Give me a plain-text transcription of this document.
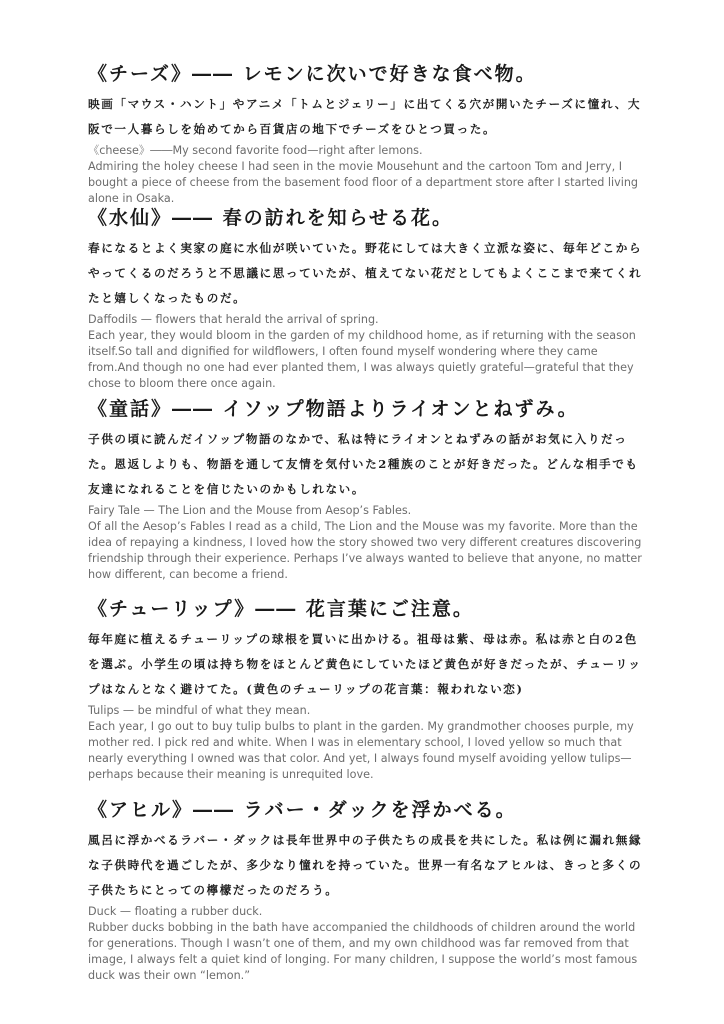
《チーズ》―― レモンに次いで好きな食べ物。

映画「マウス・ハント」やアニメ「トムとジェリー」に出てくる穴が開いたチーズに憧れ、大阪で一人暮らしを始めてから百貨店の地下でチーズをひとつ買った。

《cheese》――My second favorite food—right after lemons.

Admiring the holey cheese I had seen in the movie Mousehunt and the cartoon Tom and Jerry, I bought a piece of cheese from the basement food floor of a department store after I started living alone in Osaka.

《水仙》―― 春の訪れを知らせる花。

春になるとよく実家の庭に水仙が咲いていた。野花にしては大きく立派な姿に、毎年どこからやってくるのだろうと不思議に思っていたが、植えてない花だとしてもよくここまで来てくれたと嬉しくなったものだ。

Daffodils — flowers that herald the arrival of spring.

Each year, they would bloom in the garden of my childhood home, as if returning with the season itself.So tall and dignified for wildflowers, I often found myself wondering where they came from.And though no one had ever planted them, I was always quietly grateful—grateful that they chose to bloom there once again.

《童話》―― イソップ物語よりライオンとねずみ。

子供の頃に読んだイソップ物語のなかで、私は特にライオンとねずみの話がお気に入りだった。恩返しよりも、物語を通して友情を気付いた2種族のことが好きだった。どんな相手でも友達になれることを信じたいのかもしれない。

Fairy Tale — The Lion and the Mouse from Aesop’s Fables.

Of all the Aesop’s Fables I read as a child, The Lion and the Mouse was my favorite. More than the idea of repaying a kindness, I loved how the story showed two very different creatures discovering friendship through their experience. Perhaps I’ve always wanted to believe that anyone, no matter how different, can become a friend.

《チューリップ》―― 花言葉にご注意。

毎年庭に植えるチューリップの球根を買いに出かける。祖母は紫、母は赤。私は赤と白の2色を選ぶ。小学生の頃は持ち物をほとんど黄色にしていたほど黄色が好きだったが、チューリップはなんとなく避けてた。(黄色のチューリップの花言葉：報われない恋)

Tulips — be mindful of what they mean.

Each year, I go out to buy tulip bulbs to plant in the garden. My grandmother chooses purple, my mother red. I pick red and white. When I was in elementary school, I loved yellow so much that nearly everything I owned was that color. And yet, I always found myself avoiding yellow tulips—perhaps because their meaning is unrequited love.

《アヒル》―― ラバー・ダックを浮かべる。

風呂に浮かべるラバー・ダックは長年世界中の子供たちの成長を共にした。私は例に漏れ無縁な子供時代を過ごしたが、多少なり憧れを持っていた。世界一有名なアヒルは、きっと多くの子供たちにとっての檸檬だったのだろう。

Duck — floating a rubber duck.

Rubber ducks bobbing in the bath have accompanied the childhoods of children around the world for generations. Though I wasn’t one of them, and my own childhood was far removed from that image, I always felt a quiet kind of longing. For many children, I suppose the world’s most famous duck was their own “lemon.”
